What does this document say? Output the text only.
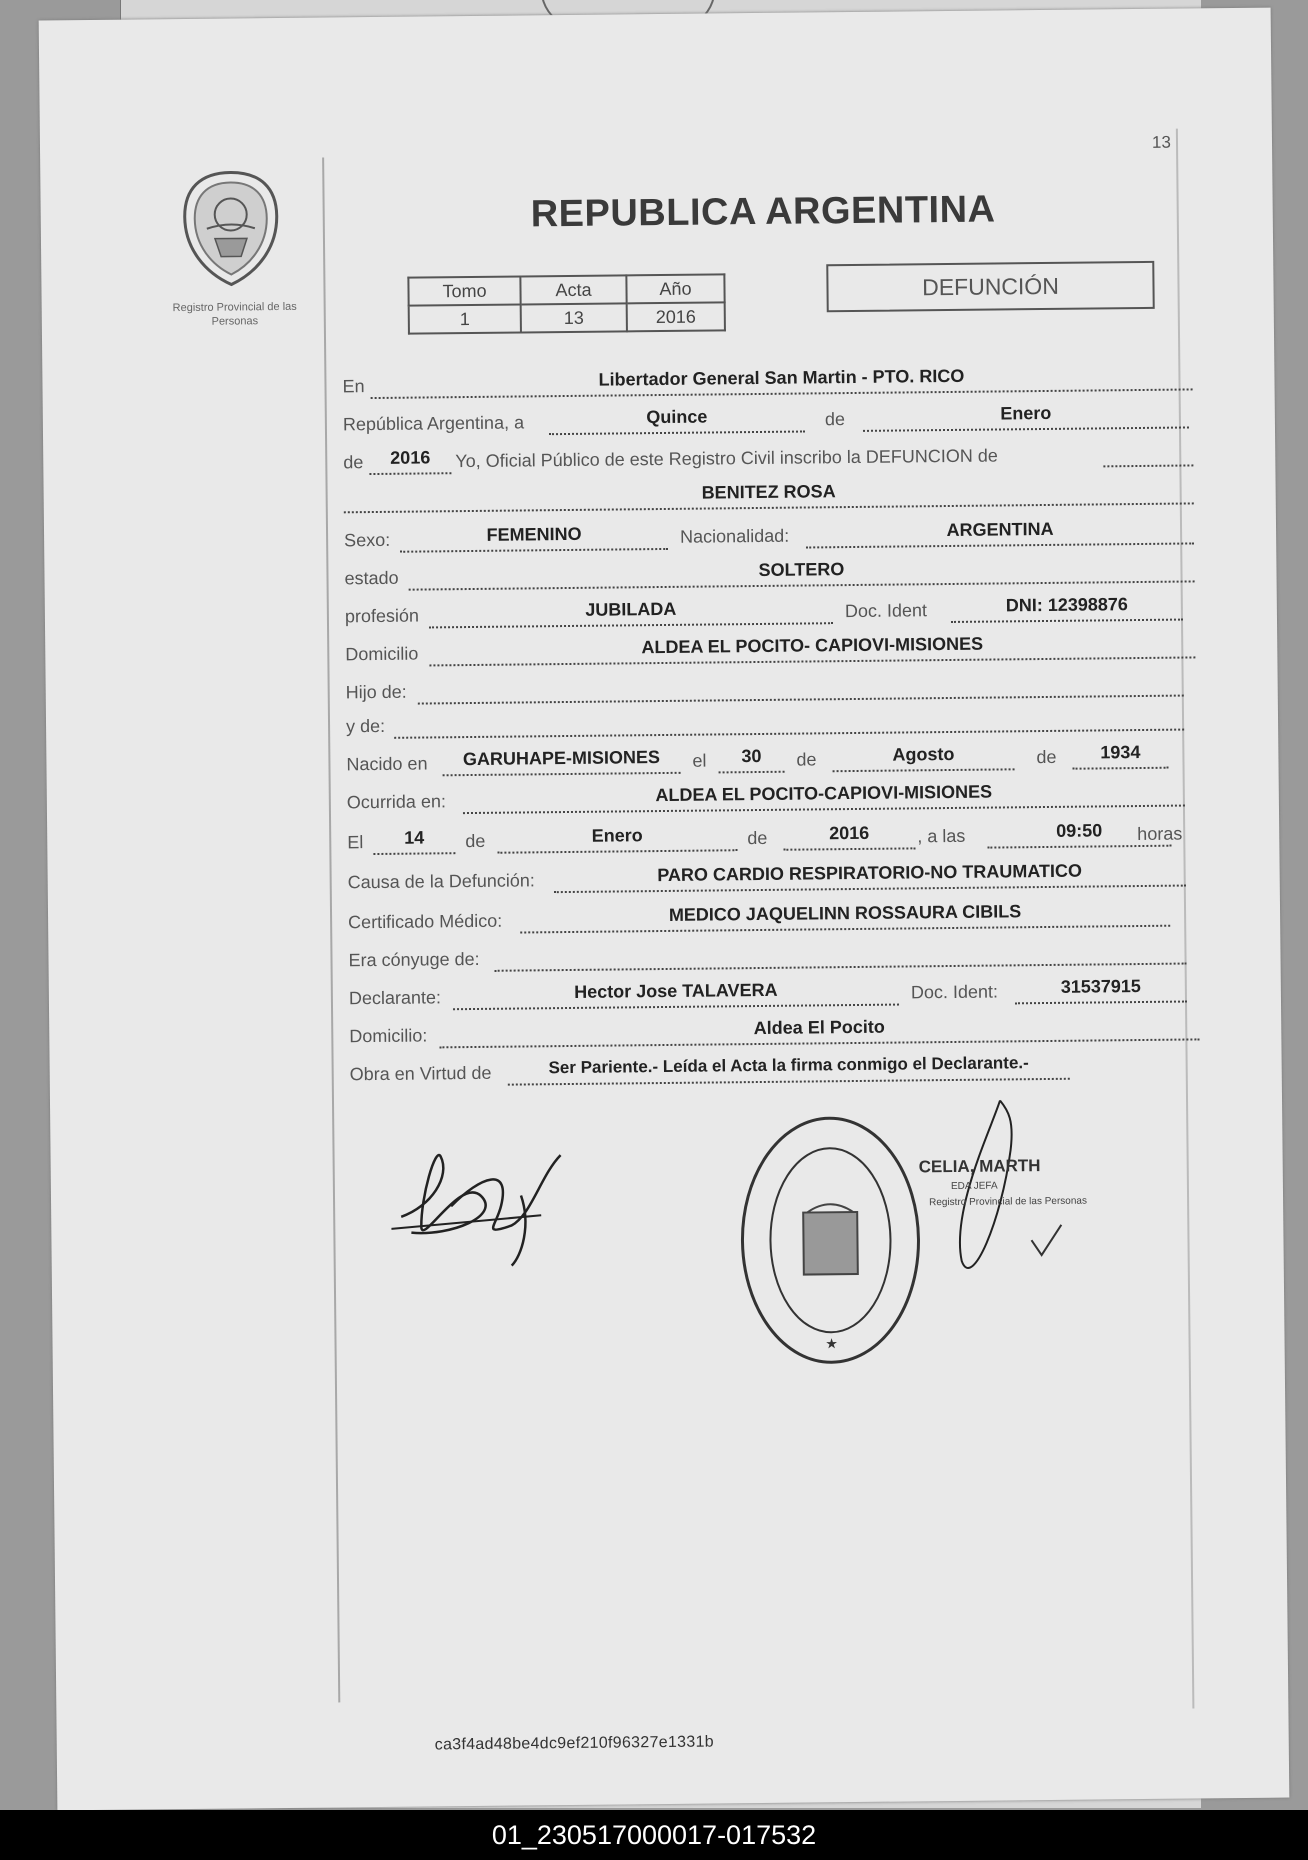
13
Registro Provincial de las Personas
REPUBLICA ARGENTINA
Tomo	Acta	Año
1	13	2016
DEFUNCIÓN
En	Libertador General San Martin - PTO. RICO
República Argentina, a	Quince	de	Enero
de	2016	Yo, Oficial Público de este Registro Civil inscribo la DEFUNCION de
BENITEZ ROSA
Sexo:	FEMENINO	Nacionalidad:	ARGENTINA
estado	SOLTERO
profesión	JUBILADA	Doc. Ident	DNI: 12398876
Domicilio	ALDEA EL POCITO- CAPIOVI-MISIONES
Hijo de:
y de:
Nacido en	GARUHAPE-MISIONES	el	30	de	Agosto	de	1934
Ocurrida en:	ALDEA EL POCITO-CAPIOVI-MISIONES
El	14	de	Enero	de	2016	, a las	09:50	horas
Causa de la Defunción:	PARO CARDIO RESPIRATORIO-NO TRAUMATICO
Certificado Médico:	MEDICO JAQUELINN ROSSAURA CIBILS
Era cónyuge de:
Declarante:	Hector Jose TALAVERA	Doc. Ident:	31537915
Domicilio:	Aldea El Pocito
Obra en Virtud de	Ser Pariente.- Leída el Acta la firma conmigo el Declarante.-
★
CELIA, MARTH
EDA JEFA
Registro Provincial de las Personas
ca3f4ad48be4dc9ef210f96327e1331b
01_230517000017-017532
